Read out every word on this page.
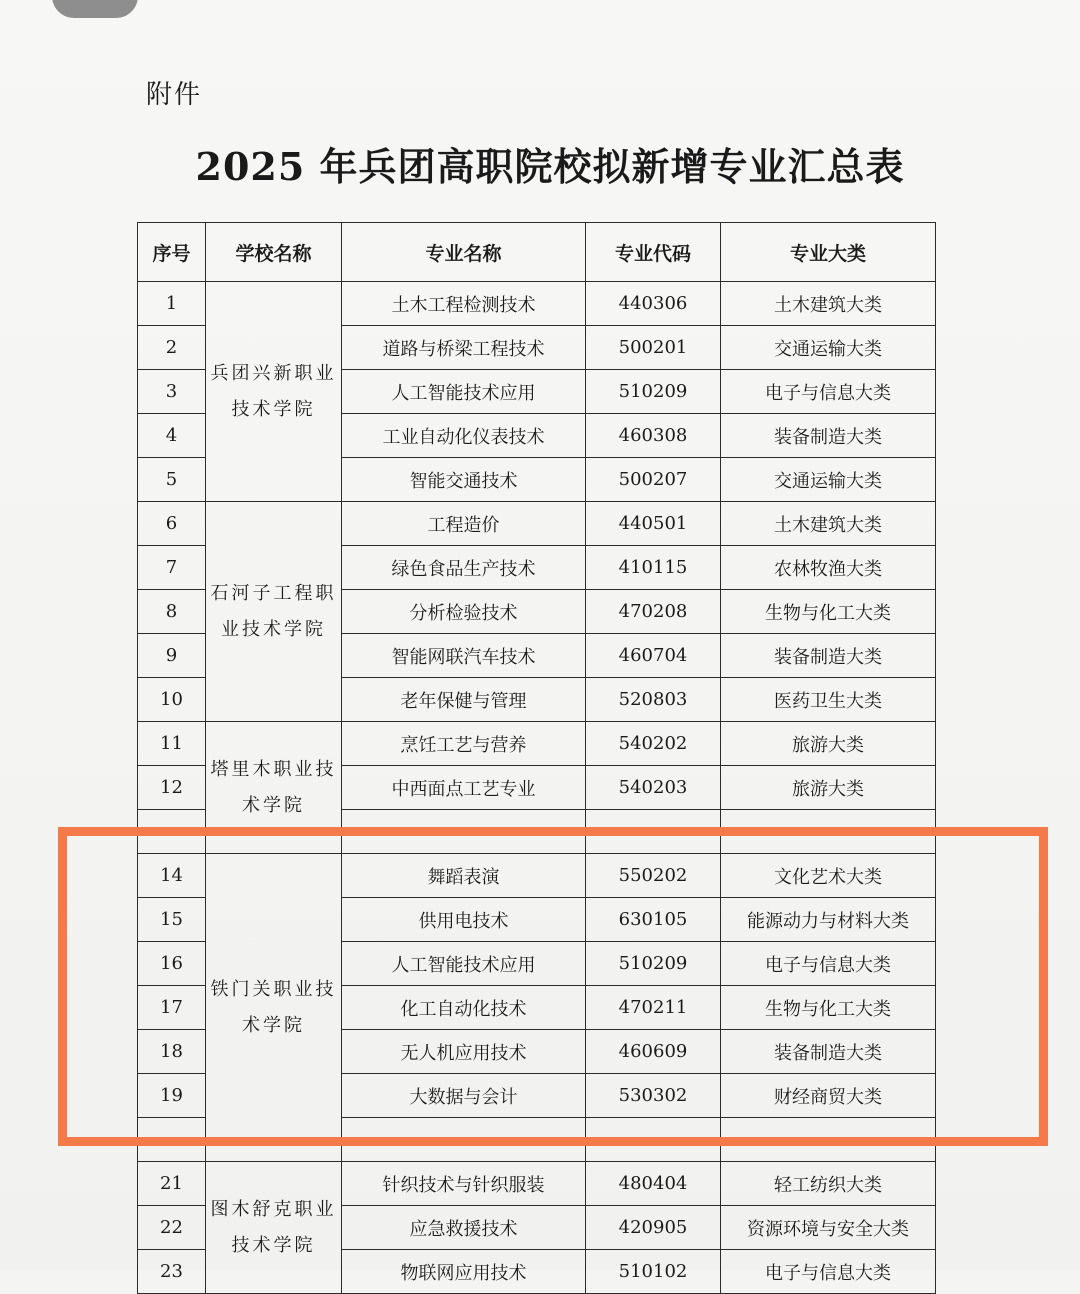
附件
2025 年兵团高职院校拟新增专业汇总表
序号	学校名称	专业名称	专业代码	专业大类
1	兵团兴新职业技术学院	土木工程检测技术	440306	土木建筑大类
2		道路与桥梁工程技术	500201	交通运输大类
3		人工智能技术应用	510209	电子与信息大类
4		工业自动化仪表技术	460308	装备制造大类
5		智能交通技术	500207	交通运输大类
6	石河子工程职业技术学院	工程造价	440501	土木建筑大类
7		绿色食品生产技术	410115	农林牧渔大类
8		分析检验技术	470208	生物与化工大类
9		智能网联汽车技术	460704	装备制造大类
10		老年保健与管理	520803	医药卫生大类
11	塔里木职业技术学院	烹饪工艺与营养	540202	旅游大类
12		中西面点工艺专业	540203	旅游大类

14	铁门关职业技术学院	舞蹈表演	550202	文化艺术大类
15		供用电技术	630105	能源动力与材料大类
16		人工智能技术应用	510209	电子与信息大类
17		化工自动化技术	470211	生物与化工大类
18		无人机应用技术	460609	装备制造大类
19		大数据与会计	530302	财经商贸大类

21	图木舒克职业技术学院	针织技术与针织服装	480404	轻工纺织大类
22		应急救援技术	420905	资源环境与安全大类
23		物联网应用技术	510102	电子与信息大类
